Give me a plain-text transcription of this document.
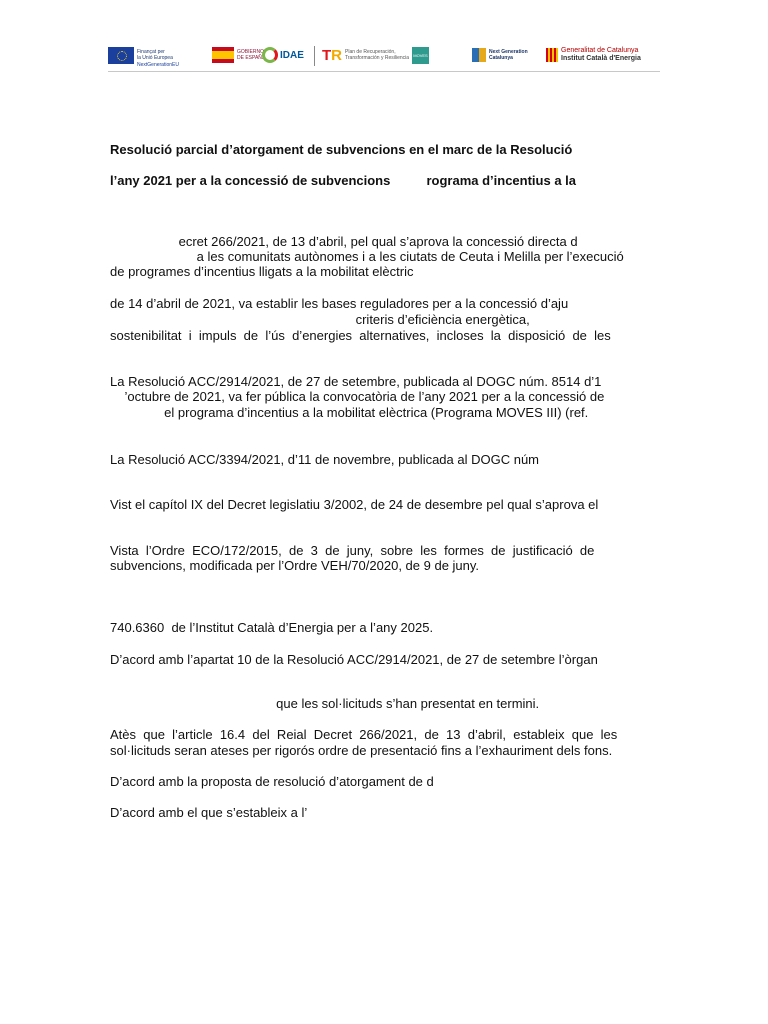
Finançat per
la Unió Europea
NextGenerationEU
GOBIERNO
DE ESPAÑA IDAE TR Plan de Recuperación,
Transformación y Resiliencia	MOVES	Next Generation
Catalunya
Generalitat de Catalunya
Institut Català d'Energia
Resolució parcial d’atorgament de subvencions en el marc de la Resolució
l’any 2021 per a la concessió de subvencions          rograma d’incentius a la
ecret 266/2021, de 13 d’abril, pel qual s’aprova la concessió directa d
a les comunitats autònomes i a les ciutats de Ceuta i Melilla per l’execució
de programes d’incentius lligats a la mobilitat elèctric
de 14 d’abril de 2021, va establir les bases reguladores per a la concessió d’aju
criteris d’eficiència energètica,
sostenibilitat  i  impuls  de  l’ús  d’energies  alternatives,  incloses  la  disposició  de  les
La Resolució ACC/2914/2021, de 27 de setembre, publicada al DOGC núm. 8514 d’1
’octubre de 2021, va fer pública la convocatòria de l’any 2021 per a la concessió de
el programa d’incentius a la mobilitat elèctrica (Programa MOVES III) (ref.
La Resolució ACC/3394/2021, d’11 de novembre, publicada al DOGC núm
Vist el capítol IX del Decret legislatiu 3/2002, de 24 de desembre pel qual s’aprova el
Vista  l’Ordre  ECO/172/2015,  de  3  de  juny,  sobre  les  formes  de  justificació  de
subvencions, modificada per l’Ordre VEH/70/2020, de 9 de juny.
740.6360  de l’Institut Català d’Energia per a l’any 2025.
D’acord amb l’apartat 10 de la Resolució ACC/2914/2021, de 27 de setembre l’òrgan
que les sol·licituds s’han presentat en termini.
Atès  que  l’article  16.4  del  Reial  Decret  266/2021,  de  13  d’abril,  estableix  que  les
sol·licituds seran ateses per rigorós ordre de presentació fins a l’exhauriment dels fons.
D’acord amb la proposta de resolució d’atorgament de d
D’acord amb el que s’estableix a l’
